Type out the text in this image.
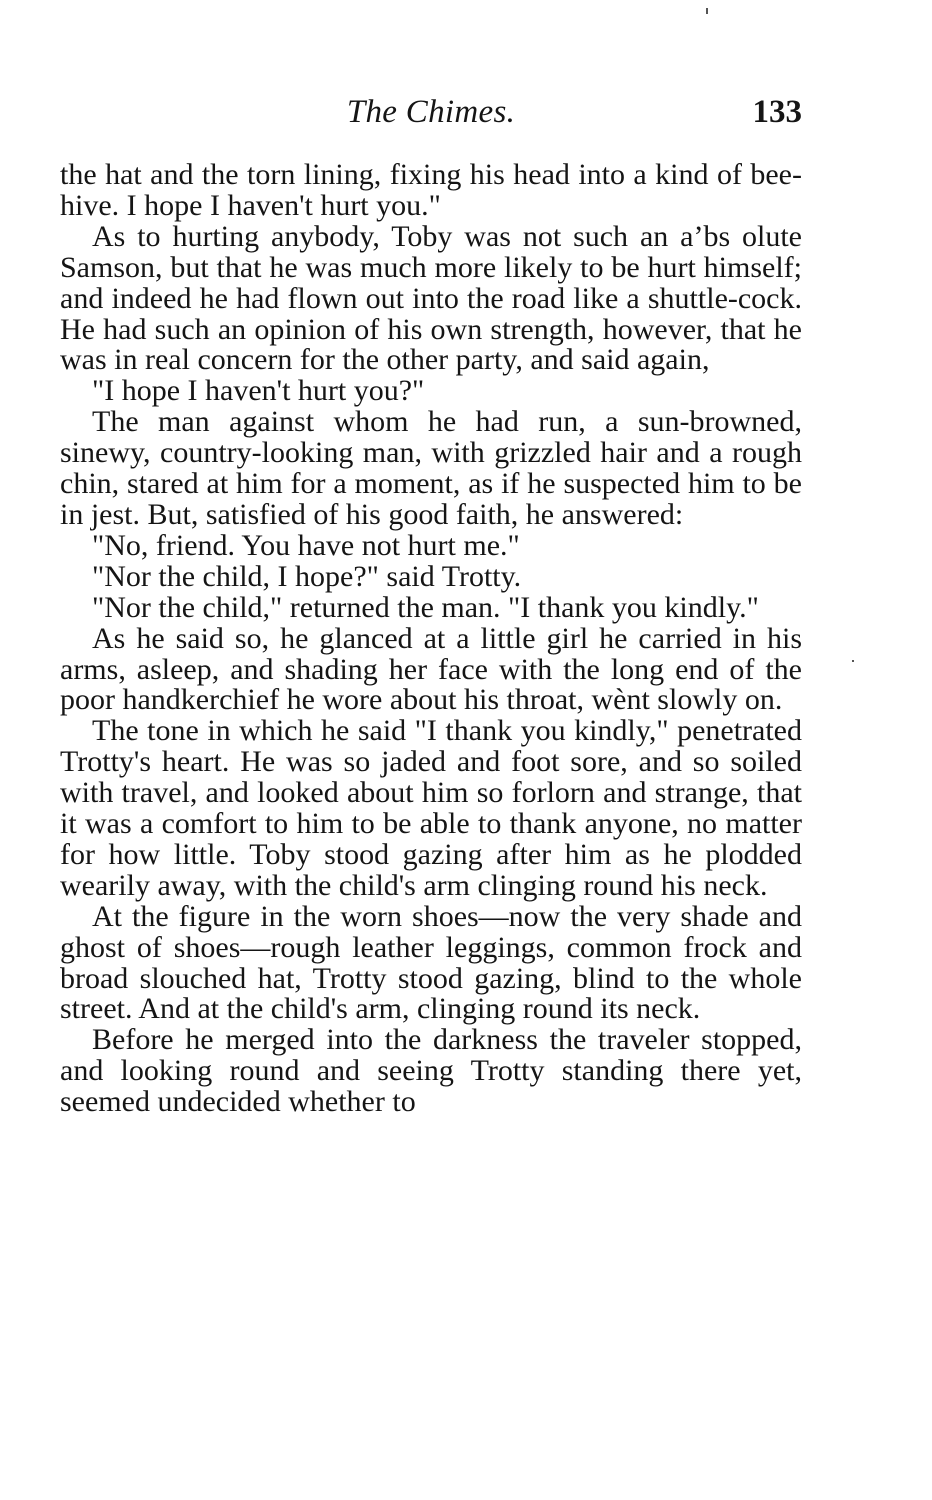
The Chimes.	133

the hat and the torn lining, fixing his head into a kind of bee-hive. I hope I haven't hurt you."

As to hurting anybody, Toby was not such an a’bs olute Samson, but that he was much more likely to be hurt himself; and indeed he had flown out into the road like a shuttle-cock. He had such an opinion of his own strength, however, that he was in real concern for the other party, and said again,

"I hope I haven't hurt you?"

The man against whom he had run, a sun-browned, sinewy, country-looking man, with grizzled hair and a rough chin, stared at him for a moment, as if he suspected him to be in jest. But, satisfied of his good faith, he answered:

"No, friend. You have not hurt me."

"Nor the child, I hope?" said Trotty.

"Nor the child," returned the man. "I thank you kindly."

As he said so, he glanced at a little girl he carried in his arms, asleep, and shading her face with the long end of the poor handkerchief he wore about his throat, wènt slowly on.

The tone in which he said "I thank you kindly," penetrated Trotty's heart. He was so jaded and foot sore, and so soiled with travel, and looked about him so forlorn and strange, that it was a comfort to him to be able to thank anyone, no matter for how little. Toby stood gazing after him as he plodded wearily away, with the child's arm clinging round his neck.

At the figure in the worn shoes—now the very shade and ghost of shoes—rough leather leggings, common frock and broad slouched hat, Trotty stood gazing, blind to the whole street. And at the child's arm, clinging round its neck.

Before he merged into the darkness the traveler stopped, and looking round and seeing Trotty standing there yet, seemed undecided whether to
